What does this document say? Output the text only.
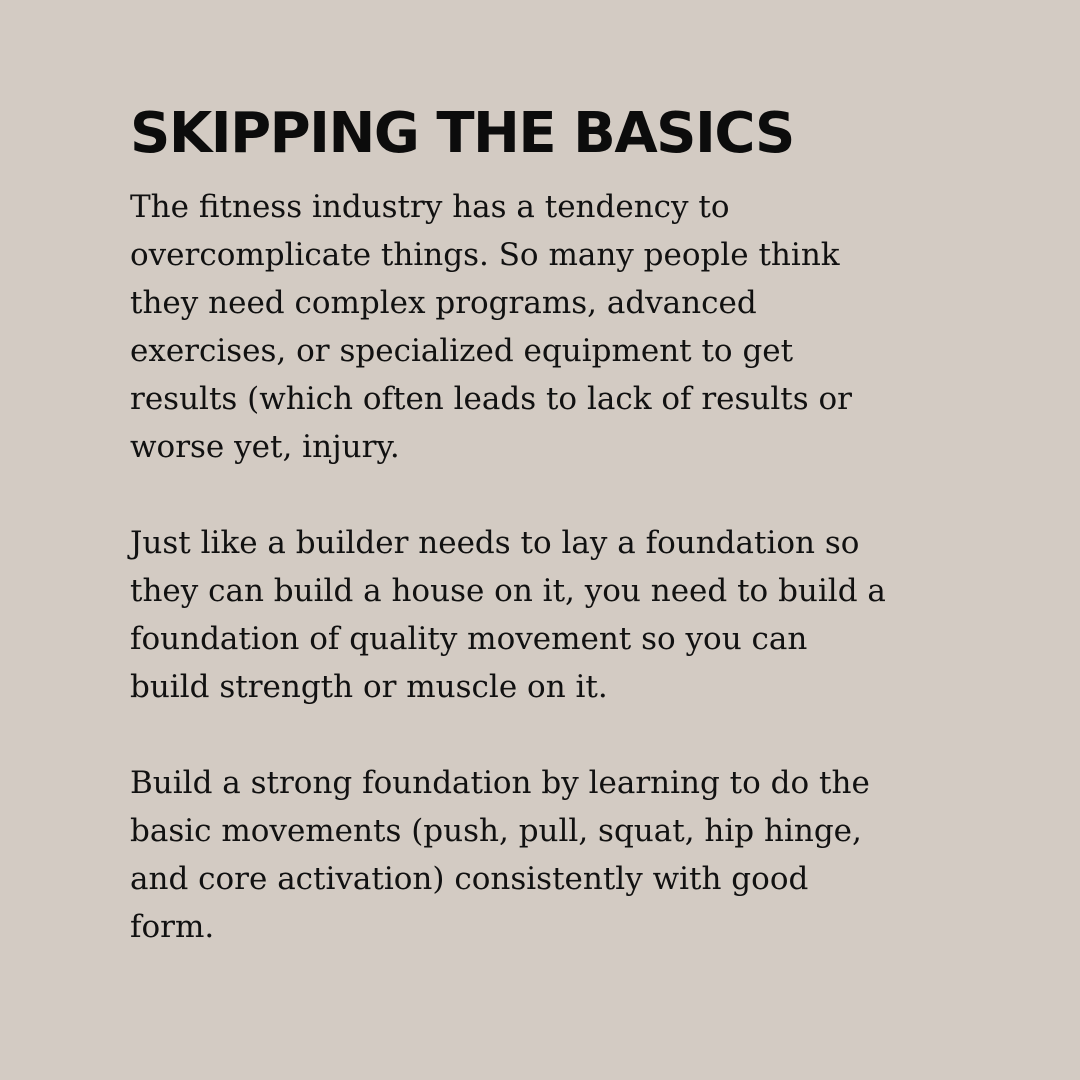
SKIPPING THE BASICS

The fitness industry has a tendency to
overcomplicate things. So many people think
they need complex programs, advanced
exercises, or specialized equipment to get
results (which often leads to lack of results or
worse yet, injury.

Just like a builder needs to lay a foundation so
they can build a house on it, you need to build a
foundation of quality movement so you can
build strength or muscle on it.

Build a strong foundation by learning to do the
basic movements (push, pull, squat, hip hinge,
and core activation) consistently with good
form.
